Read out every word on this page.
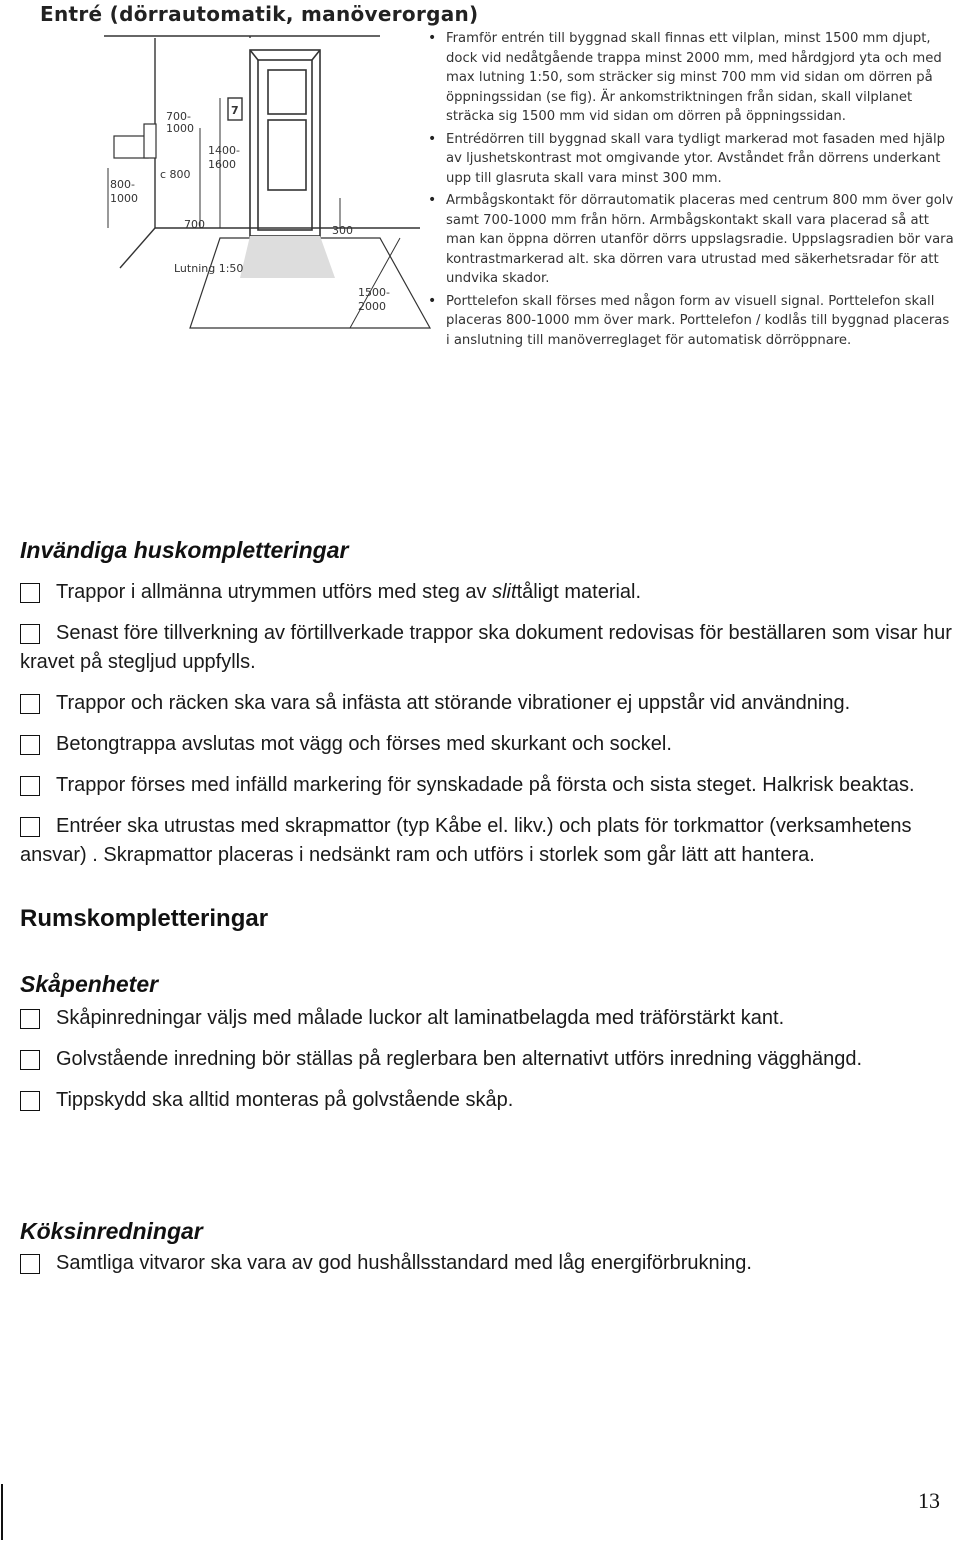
Entré (dörrautomatik, manöverorgan)
700-
1000
1400-
1600
800-
1000
c 800
700	300
Lutning 1:50
1500-
2000
7
• Framför entrén till byggnad skall finnas ett vilplan, minst 1500 mm djupt, dock vid nedåtgående trappa minst 2000 mm, med hårdgjord yta och med max lutning 1:50, som sträcker sig minst 700 mm vid sidan om dörren på öppningssidan (se fig). Är ankomstriktningen från sidan, skall vilplanet sträcka sig 1500 mm vid sidan om dörren på öppningssidan.
• Entrédörren till byggnad skall vara tydligt markerad mot fasaden med hjälp av ljushetskontrast mot omgivande ytor. Avståndet från dörrens underkant upp till glasruta skall vara minst 300 mm.
• Armbågskontakt för dörrautomatik placeras med centrum 800 mm över golv samt 700-1000 mm från hörn. Armbågskontakt skall vara placerad så att man kan öppna dörren utanför dörrs uppslagsradie. Uppslagsradien bör vara kontrastmarkerad alt. ska dörren vara utrustad med säkerhetsradar för att undvika skador.
• Porttelefon skall förses med någon form av visuell signal. Porttelefon skall placeras 800-1000 mm över mark. Porttelefon / kodlås till byggnad placeras i anslutning till manöverreglaget för automatisk dörröppnare.
Invändiga huskompletteringar

Trappor i allmänna utrymmen utförs med steg av slittåligt material.

Senast före tillverkning av förtillverkade trappor ska dokument redovisas för beställaren som visar hur kravet på stegljud uppfylls.

Trappor och räcken ska vara så infästa att störande vibrationer ej uppstår vid användning.

Betongtrappa avslutas mot vägg och förses med skurkant och sockel.

Trappor förses med infälld markering för synskadade på första och sista steget. Halkrisk beaktas.

Entréer ska utrustas med skrapmattor (typ Kåbe el. likv.) och plats för torkmattor (verksamhetens ansvar) . Skrapmattor placeras i nedsänkt ram och utförs i storlek som går lätt att hantera.

Rumskompletteringar
Skåpenheter

Skåpinredningar väljs med målade luckor alt laminatbelagda med träförstärkt kant.

Golvstående inredning bör ställas på reglerbara ben alternativt utförs inredning vägghängd.

Tippskydd ska alltid monteras på golvstående skåp.

Köksinredningar

Samtliga vitvaror ska vara av god hushållsstandard med låg energiförbrukning.

13
